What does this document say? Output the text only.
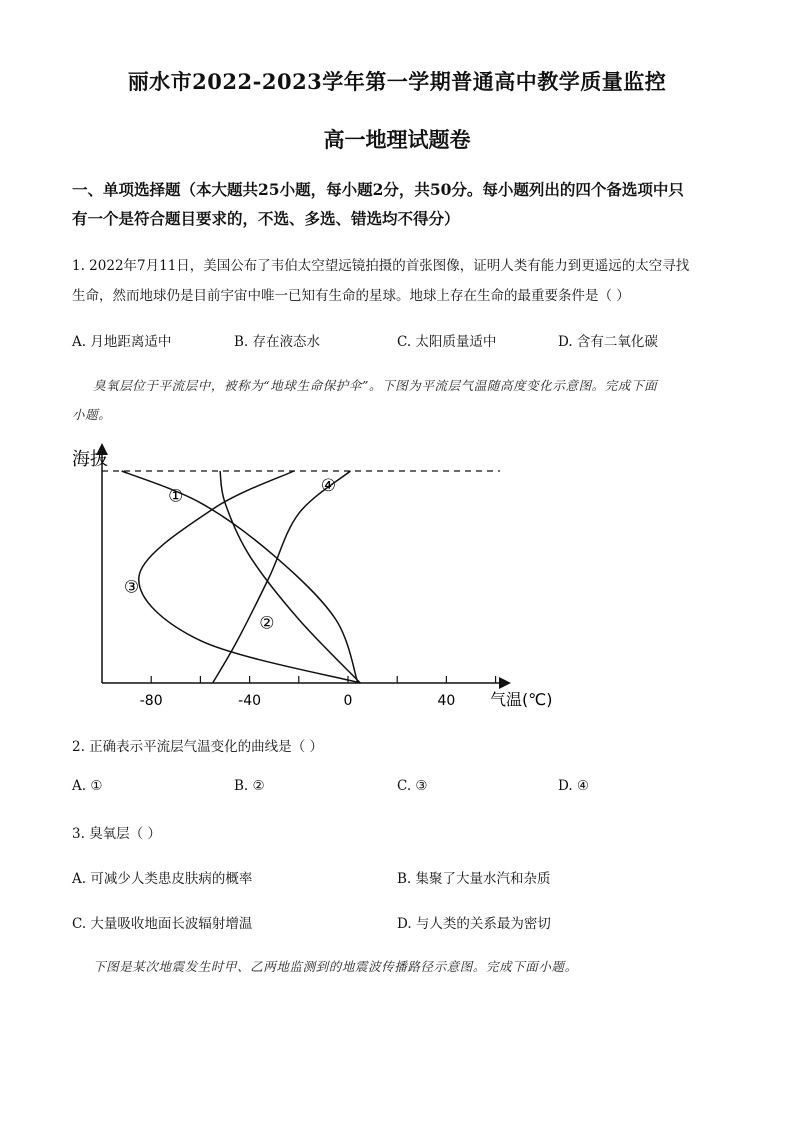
丽水市2022-2023学年第一学期普通高中教学质量监控
高一地理试题卷
一、单项选择题（本大题共25小题，每小题2分，共50分。每小题列出的四个备选项中只
有一个是符合题目要求的，不选、多选、错选均不得分）
1. 2022年7月11日，美国公布了韦伯太空望远镜拍摄的首张图像，证明人类有能力到更遥远的太空寻找
生命，然而地球仍是目前宇宙中唯一已知有生命的星球。地球上存在生命的最重要条件是（ ）
A. 月地距离适中	B. 存在液态水	C. 太阳质量适中	D. 含有二氧化碳
臭氧层位于平流层中，被称为“地球生命保护伞”。下图为平流层气温随高度变化示意图。完成下面
小题。
海拔
气温(℃)
-80	-40	0	40
①
②
③
④
2. 正确表示平流层气温变化的曲线是（ ）
A. ①	B. ②	C. ③	D. ④
3. 臭氧层（ ）
A. 可减少人类患皮肤病的概率	B. 集聚了大量水汽和杂质
C. 大量吸收地面长波辐射增温	D. 与人类的关系最为密切
下图是某次地震发生时甲、乙两地监测到的地震波传播路径示意图。完成下面小题。
